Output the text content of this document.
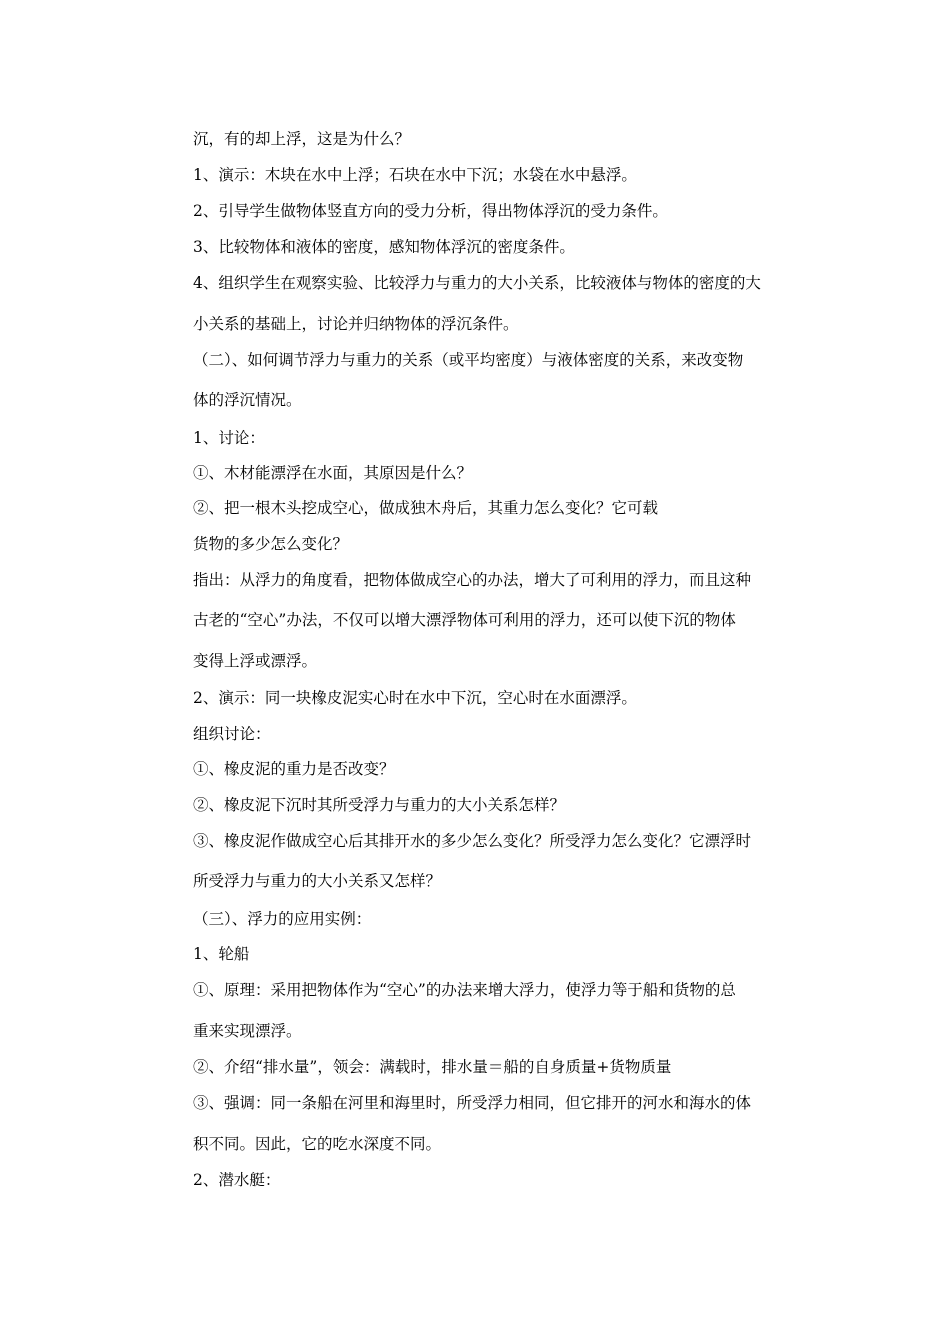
沉，有的却上浮，这是为什么？

1、演示：木块在水中上浮；石块在水中下沉；水袋在水中悬浮。

2、引导学生做物体竖直方向的受力分析，得出物体浮沉的受力条件。

3、比较物体和液体的密度，感知物体浮沉的密度条件。

4、组织学生在观察实验、比较浮力与重力的大小关系，比较液体与物体的密度的大

小关系的基础上，讨论并归纳物体的浮沉条件。

（二）、如何调节浮力与重力的关系（或平均密度）与液体密度的关系，来改变物

体的浮沉情况。

1、讨论：

①、木材能漂浮在水面，其原因是什么？

②、把一根木头挖成空心，做成独木舟后，其重力怎么变化？它可载

货物的多少怎么变化？

指出：从浮力的角度看，把物体做成空心的办法，增大了可利用的浮力，而且这种

古老的“空心”办法，不仅可以增大漂浮物体可利用的浮力，还可以使下沉的物体

变得上浮或漂浮。

2、演示：同一块橡皮泥实心时在水中下沉，空心时在水面漂浮。

组织讨论：

①、橡皮泥的重力是否改变？

②、橡皮泥下沉时其所受浮力与重力的大小关系怎样？

③、橡皮泥作做成空心后其排开水的多少怎么变化？所受浮力怎么变化？它漂浮时

所受浮力与重力的大小关系又怎样？

（三）、浮力的应用实例：

1、轮船

①、原理：采用把物体作为“空心”的办法来增大浮力，使浮力等于船和货物的总

重来实现漂浮。

②、介绍“排水量”，领会：满载时，排水量＝船的自身质量+货物质量

③、强调：同一条船在河里和海里时，所受浮力相同，但它排开的河水和海水的体

积不同。因此，它的吃水深度不同。

2、潜水艇：
